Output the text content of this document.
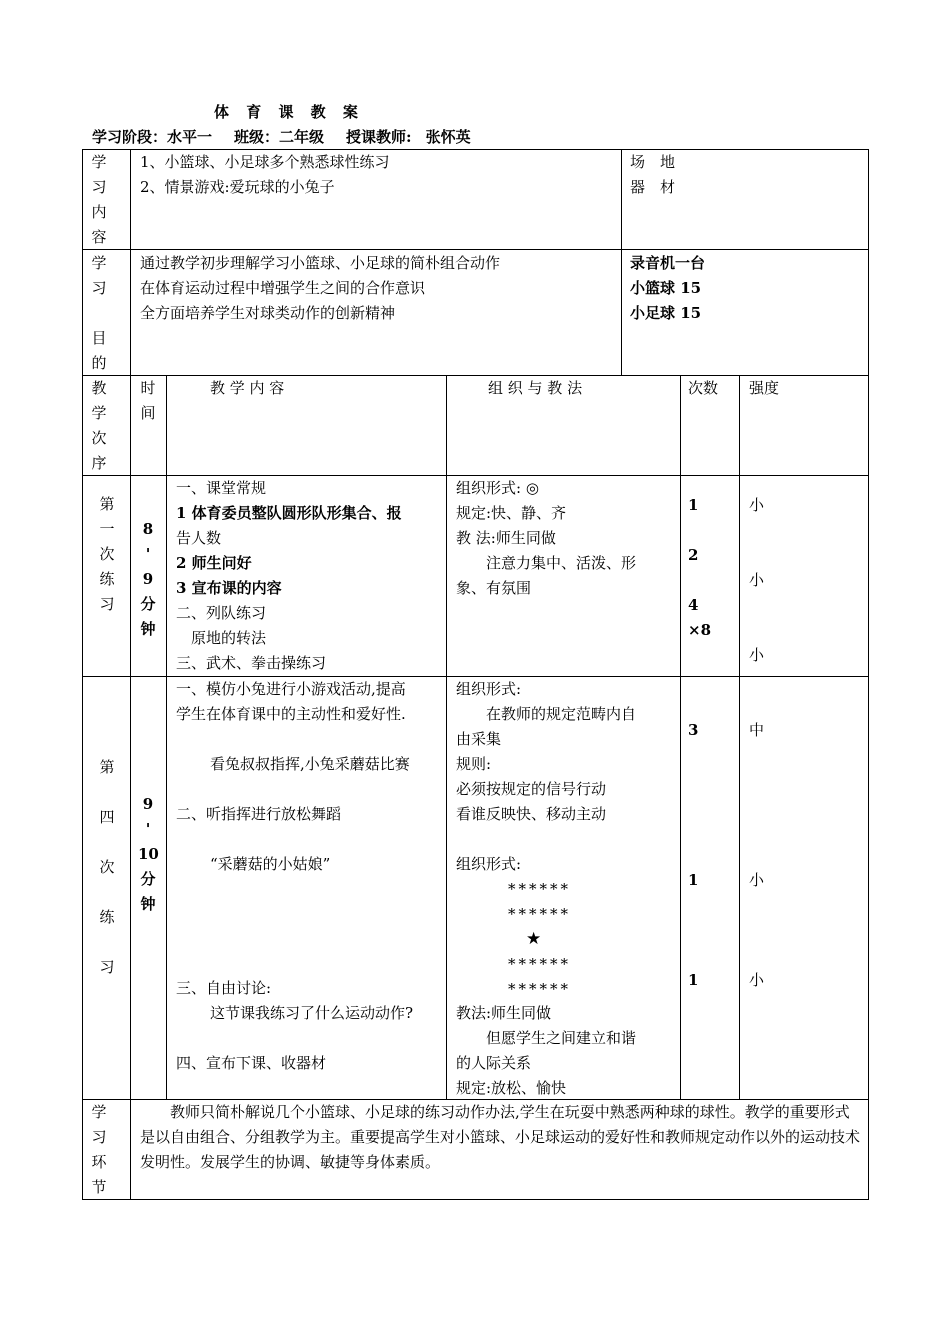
体 育 课 教 案
学习阶段：水平一 班级：二年级 授课教师: 张怀英
学
习
内
容
1、小篮球、小足球多个熟悉球性练习
2、情景游戏:爱玩球的小兔子
场　地
器　材
学
习
目
的
通过教学初步理解学习小篮球、小足球的简朴组合动作
在体育运动过程中增强学生之间的合作意识
全方面培养学生对球类动作的创新精神
录音机一台
小篮球 15
小足球 15
教
学
次
序
时
间
教 学 内 容	组 织 与 教 法	次数 强度
第
一
次
练
习
8
'
9
分
钟
一、课堂常规
1 体育委员整队圆形队形集合、报
告人数
2 师生问好
3 宣布课的内容
二、列队练习
　原地的转法
三、武术、拳击操练习
组织形式: ◎
规定:快、静、齐
教 法:师生同做
　　注意力集中、活泼、形
象、有氛围
1
2
4
×8
小
小
小
第
四
次
练
习
9
'
10
分
钟
一、模仿小兔进行小游戏活动,提高
学生在体育课中的主动性和爱好性.
看兔叔叔指挥,小兔采蘑菇比赛
二、听指挥进行放松舞蹈
“采蘑菇的小姑娘”
三、自由讨论:
这节课我练习了什么运动动作?
四、宣布下课、收器材
组织形式:
　　在教师的规定范畴内自
由采集
规则:
必须按规定的信号行动
看谁反映快、移动主动
组织形式:
******
******
★
******
******
教法:师生同做
　　但愿学生之间建立和谐
的人际关系
规定:放松、愉快
3
1
1
中
小
小
学
习
环
节
　　教师只简朴解说几个小篮球、小足球的练习动作办法,学生在玩耍中熟悉两种球的球性。教学的重要形式是以自由组合、分组教学为主。重要提高学生对小篮球、小足球运动的爱好性和教师规定动作以外的运动技术发明性。发展学生的协调、敏捷等身体素质。
